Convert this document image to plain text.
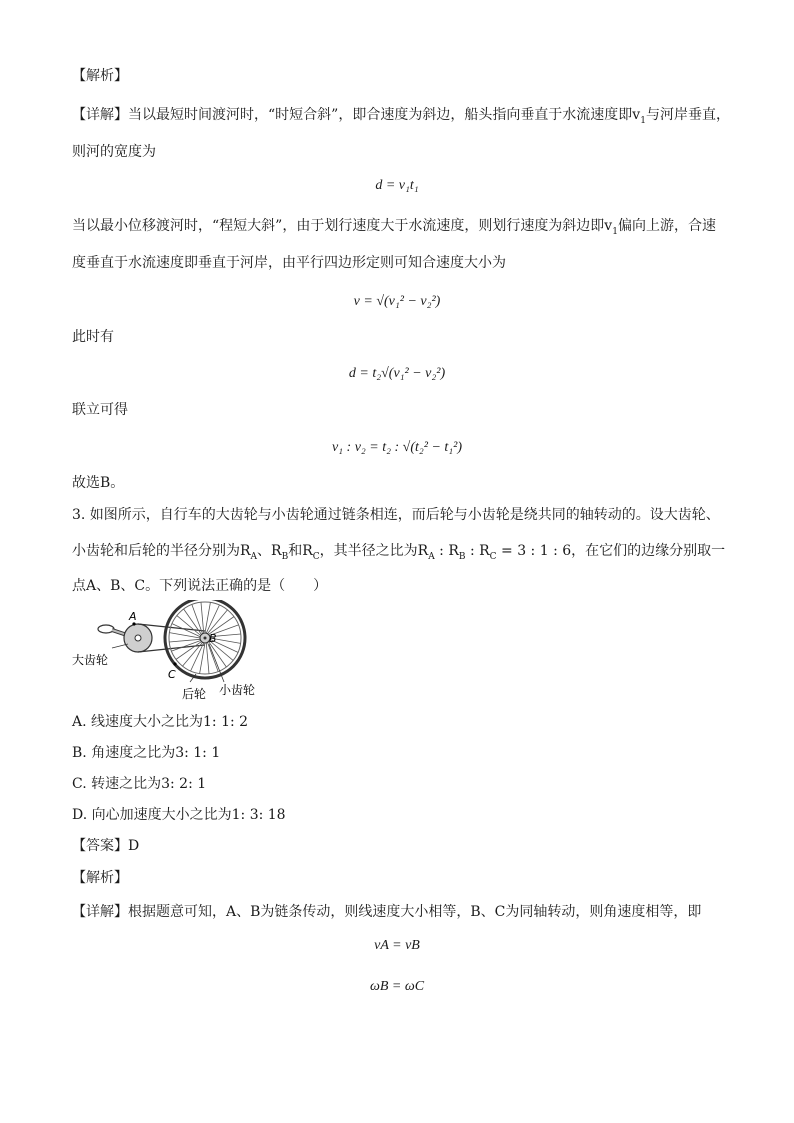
【解析】
【详解】当以最短时间渡河时，“时短合斜”，即合速度为斜边，船头指向垂直于水流速度即$v_1$与河岸垂直，
则河的宽度为
d = v₁t₁
当以最小位移渡河时，“程短大斜”，由于划行速度大于水流速度，则划行速度为斜边即$v_1$偏向上游，合速
度垂直于水流速度即垂直于河岸，由平行四边形定则可知合速度大小为
v = √(v₁² − v₂²)
此时有
d = t₂√(v₁² − v₂²)
联立可得
v₁ : v₂ = t₂ : √(t₂² − t₁²)
故选B。
3. 如图所示，自行车的大齿轮与小齿轮通过链条相连，而后轮与小齿轮是绕共同的轴转动的。设大齿轮、
小齿轮和后轮的半径分别为$R_A$、$R_B$和$R_C$，其半径之比为$R_A$ : $R_B$ : $R_C = 3$ : 1 : 6，在它们的边缘分别取一
点A、B、C。下列说法正确的是（　　）
A
B
C
大齿轮
后轮 小齿轮
A. 线速度大小之比为1: 1: 2
B. 角速度之比为3: 1: 1
C. 转速之比为3: 2: 1
D. 向心加速度大小之比为1: 3: 18
【答案】D
【解析】
【详解】根据题意可知，A、B为链条传动，则线速度大小相等，B、C为同轴转动，则角速度相等，即
vA = vB
ωB = ωC
